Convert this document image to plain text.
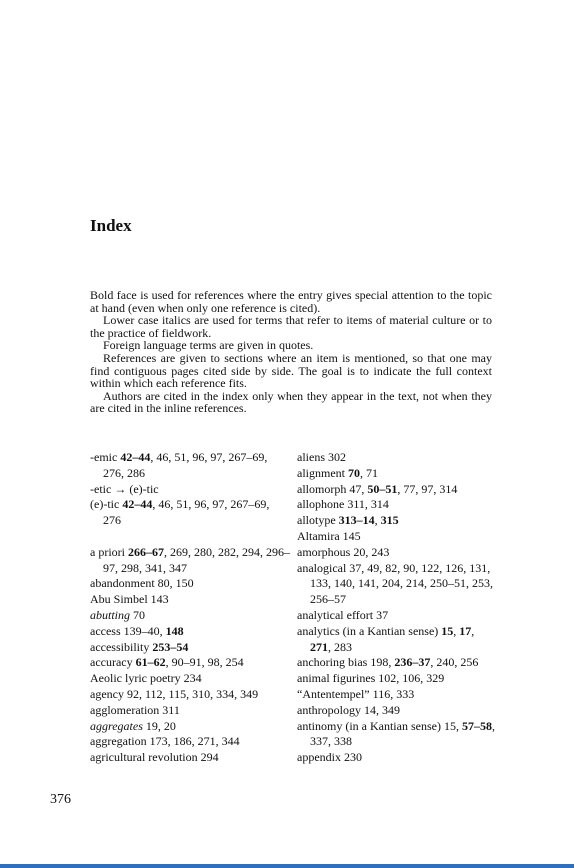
Index

Bold face is used for references where the entry gives special attention to the topic at hand (even when only one reference is cited).

Lower case italics are used for terms that refer to items of material culture or to the practice of fieldwork.

Foreign language terms are given in quotes.

References are given to sections where an item is mentioned, so that one may find contiguous pages cited side by side. The goal is to indicate the full context within which each reference fits.

Authors are cited in the index only when they appear in the text, not when they are cited in the inline references.

-emic 42–44, 46, 51, 96, 97, 267–69, 276, 286
-etic → (e)-tic
(e)-tic 42–44, 46, 51, 96, 97, 267–69, 276
a priori 266–67, 269, 280, 282, 294, 296–97, 298, 341, 347
abandonment 80, 150
Abu Simbel 143
abutting 70
access 139–40, 148
accessibility 253–54
accuracy 61–62, 90–91, 98, 254
Aeolic lyric poetry 234
agency 92, 112, 115, 310, 334, 349
agglomeration 311
aggregates 19, 20
aggregation 173, 186, 271, 344
agricultural revolution 294
aliens 302
alignment 70, 71
allomorph 47, 50–51, 77, 97, 314
allophone 311, 314
allotype 313–14, 315
Altamira 145
amorphous 20, 243
analogical 37, 49, 82, 90, 122, 126, 131, 133, 140, 141, 204, 214, 250–51, 253, 256–57
analytical effort 37
analytics (in a Kantian sense) 15, 17, 271, 283
anchoring bias 198, 236–37, 240, 256
animal figurines 102, 106, 329
“Antentempel” 116, 333
anthropology 14, 349
antinomy (in a Kantian sense) 15, 57–58, 337, 338
appendix 230
376
